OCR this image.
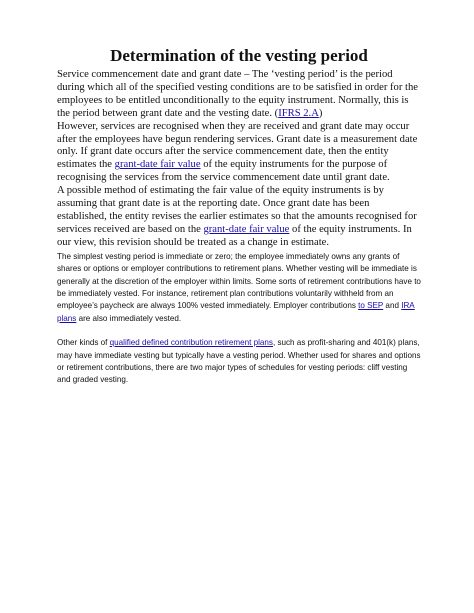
Determination of the vesting period

Service commencement date and grant date – The ‘vesting period’ is the period during which all of the specified vesting conditions are to be satisfied in order for the employees to be entitled unconditionally to the equity instrument. Normally, this is the period between grant date and the vesting date. (IFRS 2.A)

However, services are recognised when they are received and grant date may occur after the employees have begun rendering services. Grant date is a measurement date only. If grant date occurs after the service commencement date, then the entity estimates the grant-date fair value of the equity instruments for the purpose of recognising the services from the service commencement date until grant date.

A possible method of estimating the fair value of the equity instruments is by assuming that grant date is at the reporting date. Once grant date has been established, the entity revises the earlier estimates so that the amounts recognised for services received are based on the grant-date fair value of the equity instruments. In our view, this revision should be treated as a change in estimate.

The simplest vesting period is immediate or zero; the employee immediately owns any grants of shares or options or employer contributions to retirement plans. Whether vesting will be immediate is generally at the discretion of the employer within limits. Some sorts of retirement contributions have to be immediately vested. For instance, retirement plan contributions voluntarily withheld from an employee’s paycheck are always 100% vested immediately. Employer contributions to SEP and IRA plans are also immediately vested.

Other kinds of qualified defined contribution retirement plans, such as profit-sharing and 401(k) plans, may have immediate vesting but typically have a vesting period. Whether used for shares and options or retirement contributions, there are two major types of schedules for vesting periods: cliff vesting and graded vesting.
